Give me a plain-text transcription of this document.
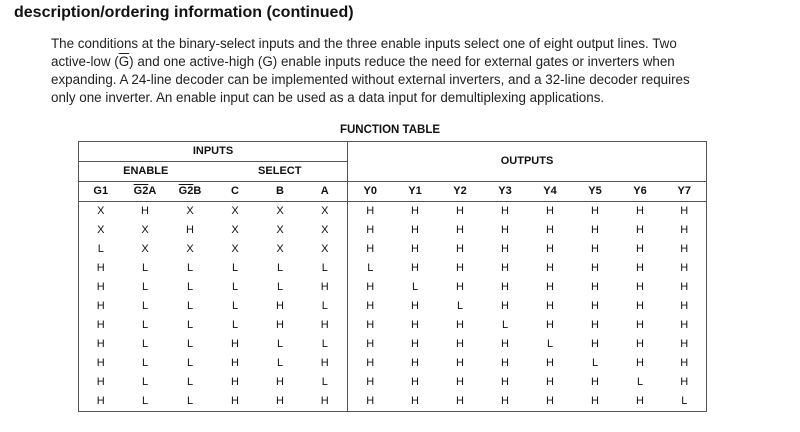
description/ordering information (continued)

The conditions at the binary-select inputs and the three enable inputs select one of eight output lines. Two

active-low $(\overline{G})$ and one active-high (G) enable inputs reduce the need for external gates or inverters when

expanding. A 24-line decoder can be implemented without external inverters, and a 32-line decoder requires

only one inverter. An enable input can be used as a data input for demultiplexing applications.

FUNCTION TABLE
INPUTS						OUTPUTS							
ENABLE			SELECT										
G1	G2A	G2B	C	B	A	Y0	Y1	Y2	Y3	Y4	Y5	Y6	Y7
X	H	X	X	X	X	H	H	H	H	H	H	H	H
X	X	H	X	X	X	H	H	H	H	H	H	H	H
L	X	X	X	X	X	H	H	H	H	H	H	H	H
H	L	L	L	L	L	L	H	H	H	H	H	H	H
H	L	L	L	L	H	H	L	H	H	H	H	H	H
H	L	L	L	H	L	H	H	L	H	H	H	H	H
H	L	L	L	H	H	H	H	H	L	H	H	H	H
H	L	L	H	L	L	H	H	H	H	L	H	H	H
H	L	L	H	L	H	H	H	H	H	H	L	H	H
H	L	L	H	H	L	H	H	H	H	H	H	L	H
H	L	L	H	H	H	H	H	H	H	H	H	H	L
